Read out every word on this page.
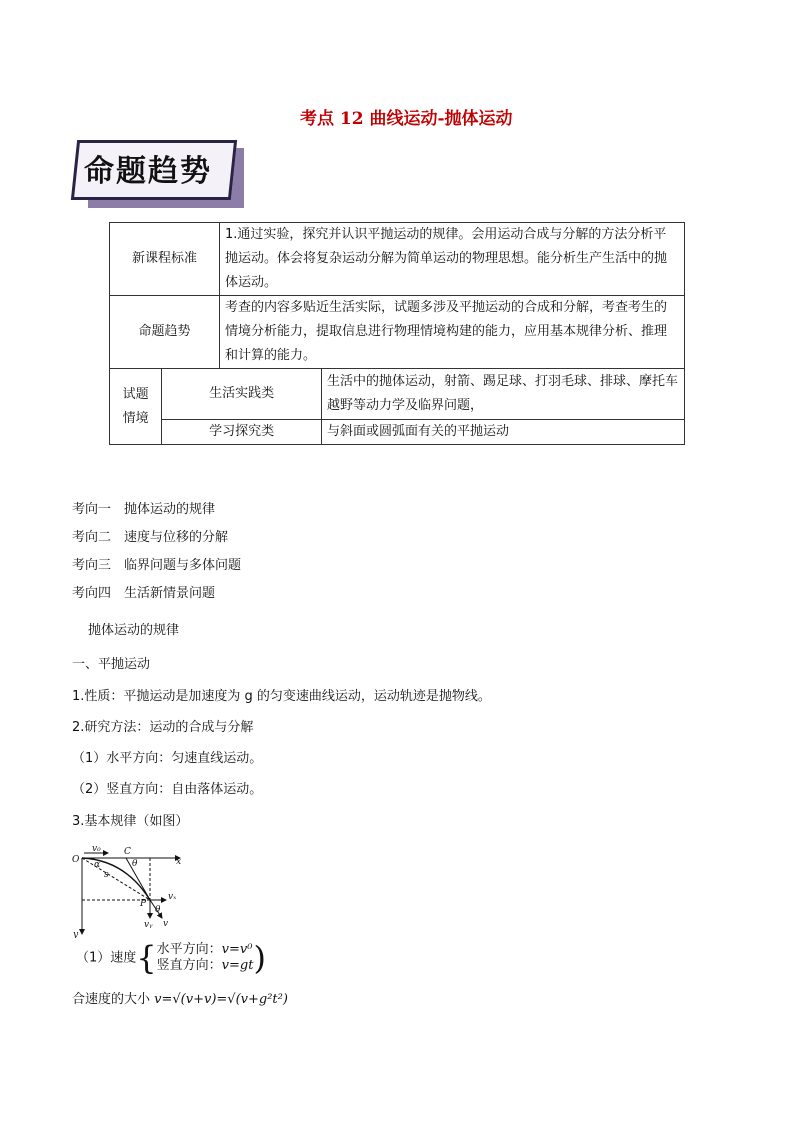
考点 12 曲线运动-抛体运动
命题趋势
新课程标准		1.通过实验，探究并认识平抛运动的规律。会用运动合成与分解的方法分析平抛运动。体会将复杂运动分解为简单运动的物理思想。能分析生产生活中的抛体运动。	
命题趋势		考查的内容多贴近生活实际，试题多涉及平抛运动的合成和分解，考查考生的情境分析能力，提取信息进行物理情境构建的能力，应用基本规律分析、推理和计算的能力。	
试题
情境	生活实践类		生活中的抛体运动，射箭、踢足球、打羽毛球、排球、摩托车越野等动力学及临界问题，
	学习探究类		与斜面或圆弧面有关的平抛运动
考向一　抛体运动的规律
考向二　速度与位移的分解
考向三　临界问题与多体问题
考向四　生活新情景问题
抛体运动的规律
一、平抛运动
1.性质：平抛运动是加速度为 g 的匀变速曲线运动，运动轨迹是抛物线。
2.研究方法：运动的合成与分解
（1）水平方向：匀速直线运动。
（2）竖直方向：自由落体运动。
3.基本规律（如图）
O
v₀	C
θ	x
α
s
vₓ
P
θ
vᵧ v
y
（1）速度{水平方向：v=v⁰
竖直方向：v=gt)
合速度的大小 v=√(v+v)=√(v+g²t²)
